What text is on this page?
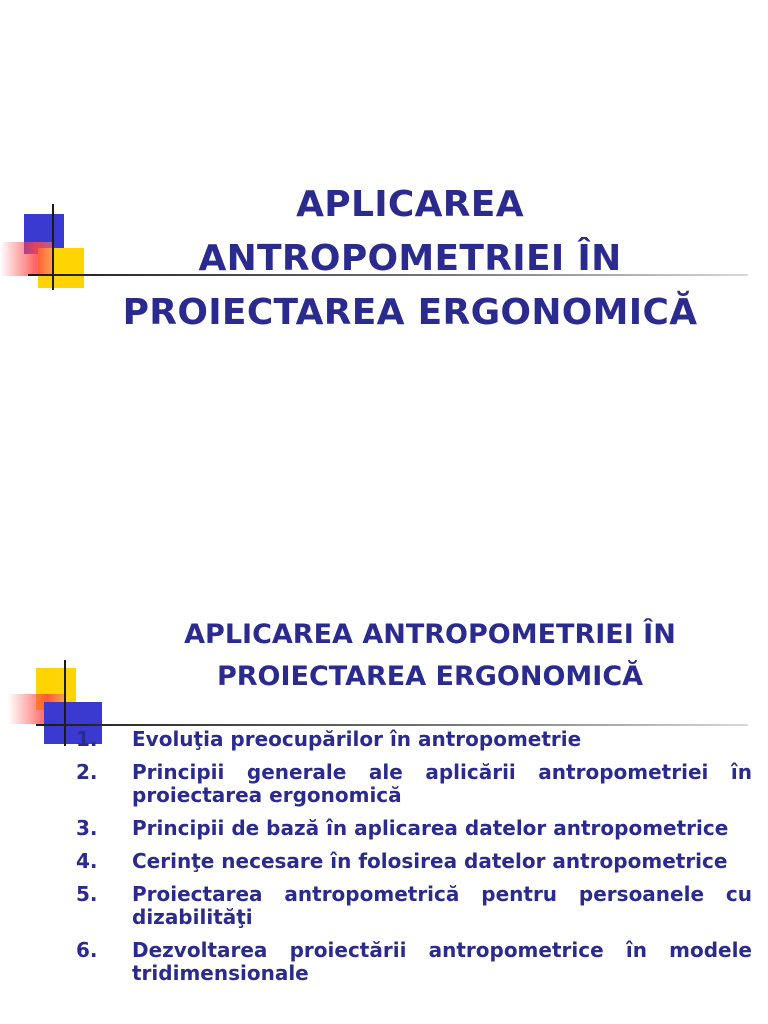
APLICAREA
ANTROPOMETRIEI ÎN
PROIECTAREA ERGONOMICĂ
APLICAREA ANTROPOMETRIEI ÎN
PROIECTAREA ERGONOMICĂ
1.	Evoluţia preocupărilor în antropometrie
2.	Principii generale ale aplicării antropometriei în proiectarea ergonomică
3.	Principii de bază în aplicarea datelor antropometrice
4.	Cerinţe necesare în folosirea datelor antropometrice
5.	Proiectarea antropometrică pentru persoanele cu dizabilităţi
6.	Dezvoltarea proiectării antropometrice în modele tridimensionale
